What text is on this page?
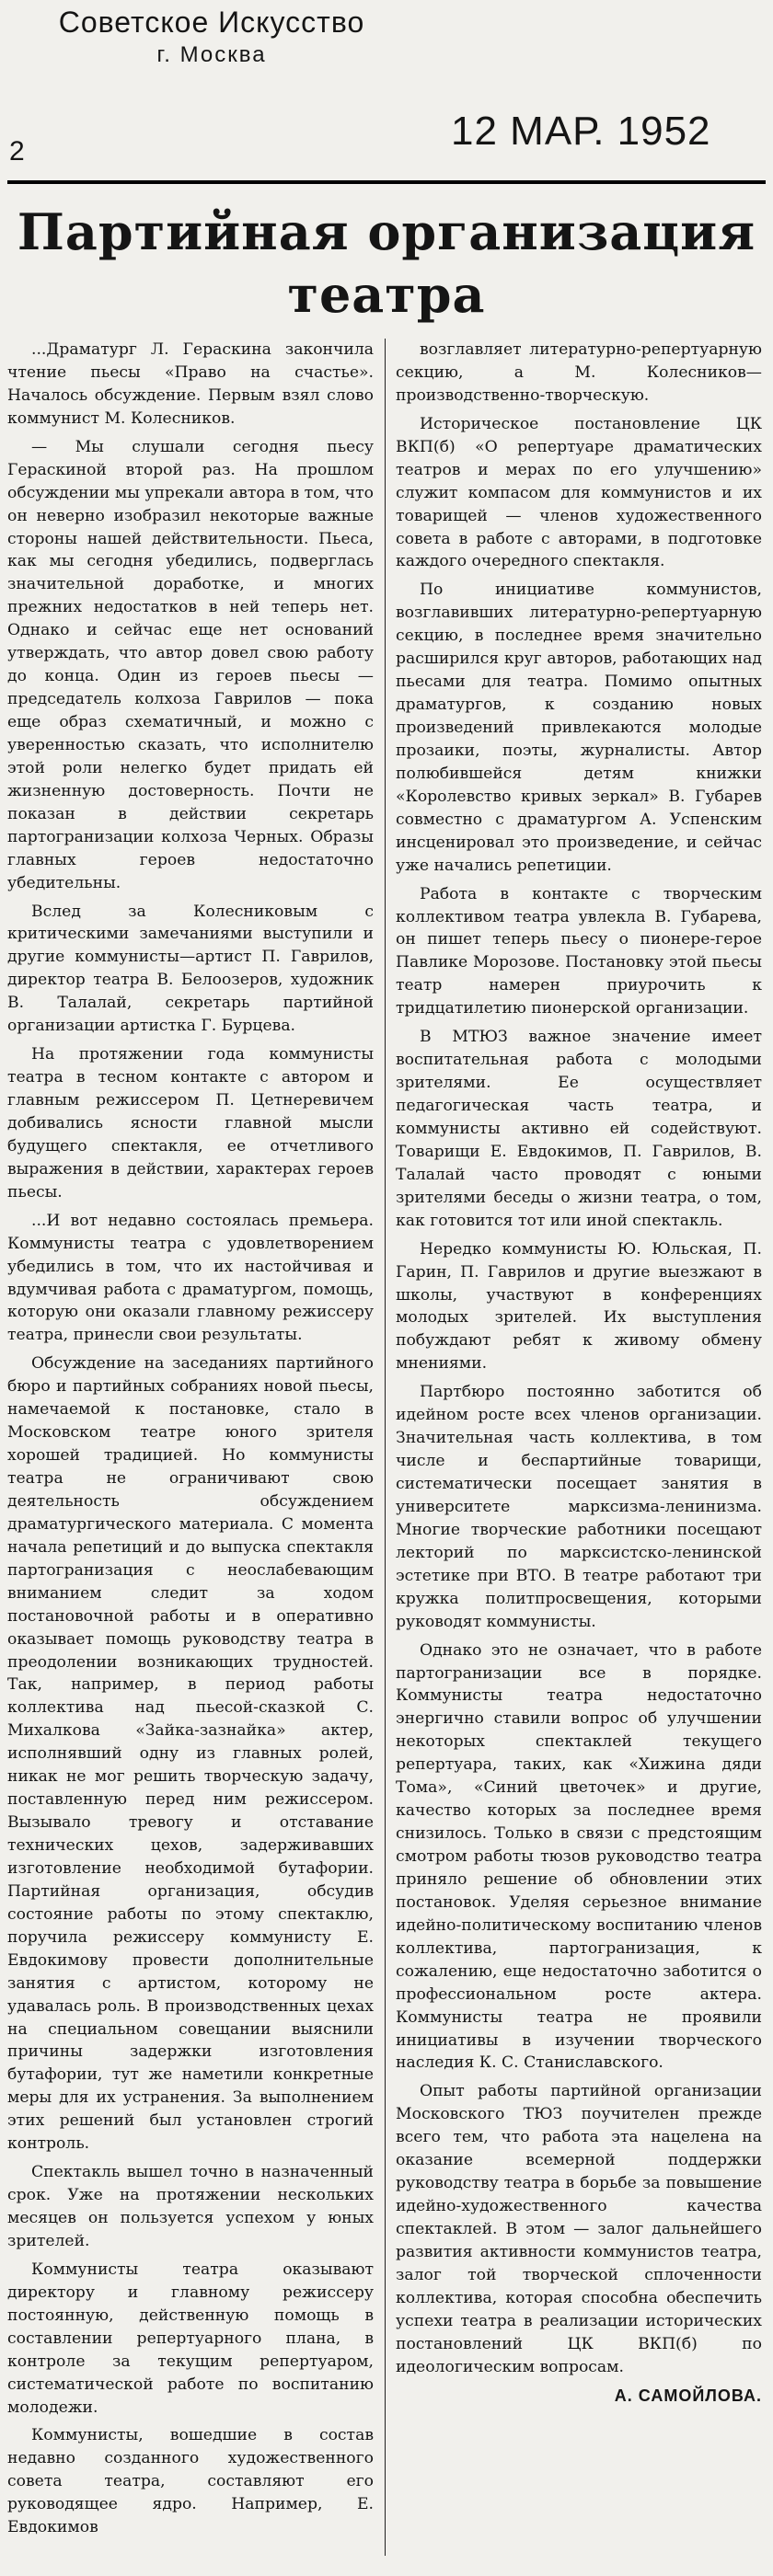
Советское Искусство
г. Москва
2	12 МАР. 1952
Партийная организация театра

...Драматург Л. Гераскина закончила чтение пьесы «Право на счастье». Началось обсуждение. Первым взял слово коммунист М. Колесников.

— Мы слушали сегодня пьесу Гераскиной второй раз. На прошлом обсуждении мы упрекали автора в том, что он неверно изобразил некоторые важные стороны нашей действительности. Пьеса, как мы сегодня убедились, подверглась значительной доработке, и многих прежних недостатков в ней теперь нет. Однако и сейчас еще нет оснований утверждать, что автор довел свою работу до конца. Один из героев пьесы — председатель колхоза Гаврилов — пока еще образ схематичный, и можно с уверенностью сказать, что исполнителю этой роли нелегко будет придать ей жизненную достоверность. Почти не показан в действии секретарь партогранизации колхоза Черных. Образы главных героев недостаточно убедительны.

Вслед за Колесниковым с критическими замечаниями выступили и другие коммунисты—артист П. Гаврилов, директор театра В. Белоозеров, художник В. Талалай, секретарь партийной организации артистка Г. Бурцева.

На протяжении года коммунисты театра в тесном контакте с автором и главным режиссером П. Цетнеревичем добивались ясности главной мысли будущего спектакля, ее отчетливого выражения в действии, характерах героев пьесы.

...И вот недавно состоялась премьера. Коммунисты театра с удовлетворением убедились в том, что их настойчивая и вдумчивая работа с драматургом, помощь, которую они оказали главному режиссеру театра, принесли свои результаты.

Обсуждение на заседаниях партийного бюро и партийных собраниях новой пьесы, намечаемой к постановке, стало в Московском театре юного зрителя хорошей традицией. Но коммунисты театра не ограничивают свою деятельность обсуждением драматургического материала. С момента начала репетиций и до выпуска спектакля партогранизация с неослабевающим вниманием следит за ходом постановочной работы и в оперативно оказывает помощь руководству театра в преодолении возникающих трудностей. Так, например, в период работы коллектива над пьесой-сказкой С. Михалкова «Зайка-зазнайка» актер, исполнявший одну из главных ролей, никак не мог решить творческую задачу, поставленную перед ним режиссером. Вызывало тревогу и отставание технических цехов, задерживавших изготовление необходимой бутафории. Партийная организация, обсудив состояние работы по этому спектаклю, поручила режиссеру коммунисту Е. Евдокимову провести дополнительные занятия с артистом, которому не удавалась роль. В производственных цехах на специальном совещании выяснили причины задержки изготовления бутафории, тут же наметили конкретные меры для их устранения. За выполнением этих решений был установлен строгий контроль.

Спектакль вышел точно в назначенный срок. Уже на протяжении нескольких месяцев он пользуется успехом у юных зрителей.

Коммунисты театра оказывают директору и главному режиссеру постоянную, действенную помощь в составлении репертуарного плана, в контроле за текущим репертуаром, систематической работе по воспитанию молодежи.

Коммунисты, вошедшие в состав недавно созданного художественного совета театра, составляют его руководящее ядро. Например, Е. Евдокимов

возглавляет литературно-репертуарную секцию, а М. Колесников—производственно-творческую.

Историческое постановление ЦК ВКП(б) «О репертуаре драматических театров и мерах по его улучшению» служит компасом для коммунистов и их товарищей — членов художественного совета в работе с авторами, в подготовке каждого очередного спектакля.

По инициативе коммунистов, возглавивших литературно-репертуарную секцию, в последнее время значительно расширился круг авторов, работающих над пьесами для театра. Помимо опытных драматургов, к созданию новых произведений привлекаются молодые прозаики, поэты, журналисты. Автор полюбившейся детям книжки «Королевство кривых зеркал» В. Губарев совместно с драматургом А. Успенским инсценировал это произведение, и сейчас уже начались репетиции.

Работа в контакте с творческим коллективом театра увлекла В. Губарева, он пишет теперь пьесу о пионере-герое Павлике Морозове. Постановку этой пьесы театр намерен приурочить к тридцатилетию пионерской организации.

В МТЮЗ важное значение имеет воспитательная работа с молодыми зрителями. Ее осуществляет педагогическая часть театра, и коммунисты активно ей содействуют. Товарищи Е. Евдокимов, П. Гаврилов, В. Талалай часто проводят с юными зрителями беседы о жизни театра, о том, как готовится тот или иной спектакль.

Нередко коммунисты Ю. Юльская, П. Гарин, П. Гаврилов и другие выезжают в школы, участвуют в конференциях молодых зрителей. Их выступления побуждают ребят к живому обмену мнениями.

Партбюро постоянно заботится об идейном росте всех членов организации. Значительная часть коллектива, в том числе и беспартийные товарищи, систематически посещает занятия в университете марксизма-ленинизма. Многие творческие работники посещают лекторий по марксистско-ленинской эстетике при ВТО. В театре работают три кружка политпросвещения, которыми руководят коммунисты.

Однако это не означает, что в работе партогранизации все в порядке. Коммунисты театра недостаточно энергично ставили вопрос об улучшении некоторых спектаклей текущего репертуара, таких, как «Хижина дяди Тома», «Синий цветочек» и другие, качество которых за последнее время снизилось. Только в связи с предстоящим смотром работы тюзов руководство театра приняло решение об обновлении этих постановок. Уделяя серьезное внимание идейно-политическому воспитанию членов коллектива, партогранизация, к сожалению, еще недостаточно заботится о профессиональном росте актера. Коммунисты театра не проявили инициативы в изучении творческого наследия К. С. Станиславского.

Опыт работы партийной организации Московского ТЮЗ поучителен прежде всего тем, что работа эта нацелена на оказание всемерной поддержки руководству театра в борьбе за повышение идейно-художественного качества спектаклей. В этом — залог дальнейшего развития активности коммунистов театра, залог той творческой сплоченности коллектива, которая способна обеспечить успехи театра в реализации исторических постановлений ЦК ВКП(б) по идеологическим вопросам.

А. САМОЙЛОВА.
